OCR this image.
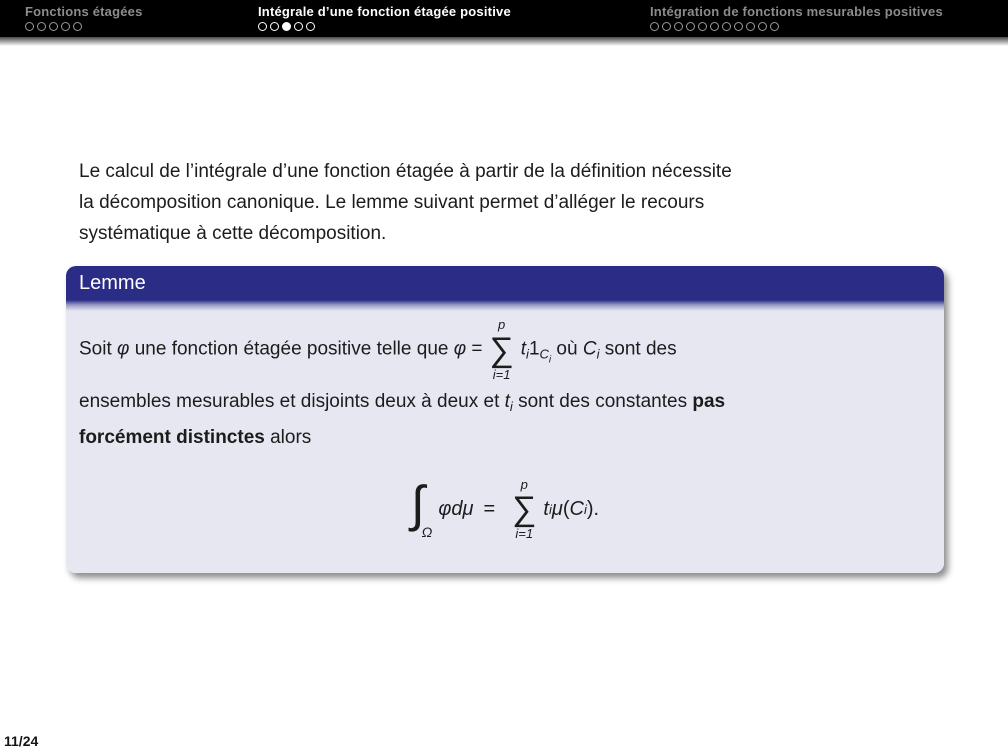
Fonctions étagées	Intégrale d’une fonction étagée positive	Intégration de fonctions mesurables positives
Le calcul de l’intégrale d’une fonction étagée à partir de la définition nécessite
la décomposition canonique. Le lemme suivant permet d’alléger le recours
systématique à cette décomposition.
Lemme
Soit φ une fonction étagée positive telle que φ =
p
∑
i=1
$t_i1_{Ci}$ où $C_i$ sont des
ensembles mesurables et disjoints deux à deux et $t_i$ sont des constantes pas
forcément distinctes alors
∫Ω
φdμ =
p
∑
i=1
t i μ ( C i ).
11/24
